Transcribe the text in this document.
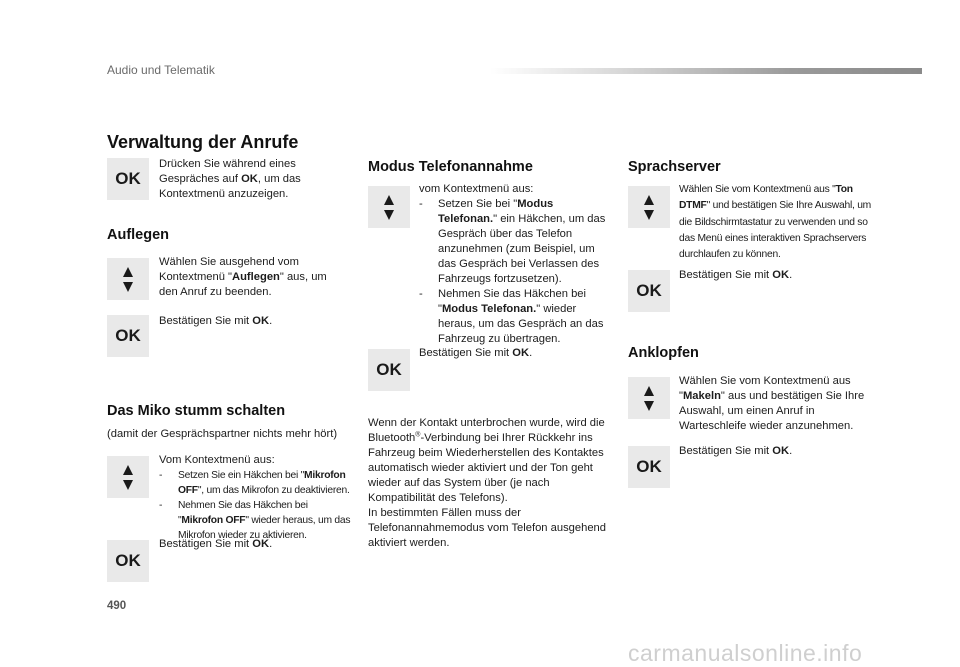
Audio und Telematik
Verwaltung der Anrufe
OK
Drücken Sie während eines Gespräches auf OK, um das Kontextmenü anzuzeigen.
Auflegen
Wählen Sie ausgehend vom Kontextmenü "Auflegen" aus, um den Anruf zu beenden.
OK
Bestätigen Sie mit OK.
Das Miko stumm schalten
(damit der Gesprächspartner nichts mehr hört)
Vom Kontextmenü aus:
- Setzen Sie ein Häkchen bei "Mikrofon OFF", um das Mikrofon zu deaktivieren.
- Nehmen Sie das Häkchen bei "Mikrofon OFF" wieder heraus, um das Mikrofon wieder zu aktivieren.
OK
Bestätigen Sie mit OK.
Modus Telefonannahme
vom Kontextmenü aus:
- Setzen Sie bei "Modus Telefonan." ein Häkchen, um das Gespräch über das Telefon anzunehmen (zum Beispiel, um das Gespräch bei Verlassen des Fahrzeugs fortzusetzen).
- Nehmen Sie das Häkchen bei "Modus Telefonan." wieder heraus, um das Gespräch an das Fahrzeug zu übertragen.
OK
Bestätigen Sie mit OK.
Wenn der Kontakt unterbrochen wurde, wird die Bluetooth®-Verbindung bei Ihrer Rückkehr ins Fahrzeug beim Wiederherstellen des Kontaktes automatisch wieder aktiviert und der Ton geht wieder auf das System über (je nach Kompatibilität des Telefons).
In bestimmten Fällen muss der Telefonannahmemodus vom Telefon ausgehend aktiviert werden.
Sprachserver
Wählen Sie vom Kontextmenü aus "Ton DTMF" und bestätigen Sie Ihre Auswahl, um die Bildschirmtastatur zu verwenden und so das Menü eines interaktiven Sprachservers durchlaufen zu können.
OK
Bestätigen Sie mit OK.
Anklopfen
Wählen Sie vom Kontextmenü aus "Makeln" aus und bestätigen Sie Ihre Auswahl, um einen Anruf in Warteschleife wieder anzunehmen.
OK
Bestätigen Sie mit OK.
490
carmanualsonline.info
